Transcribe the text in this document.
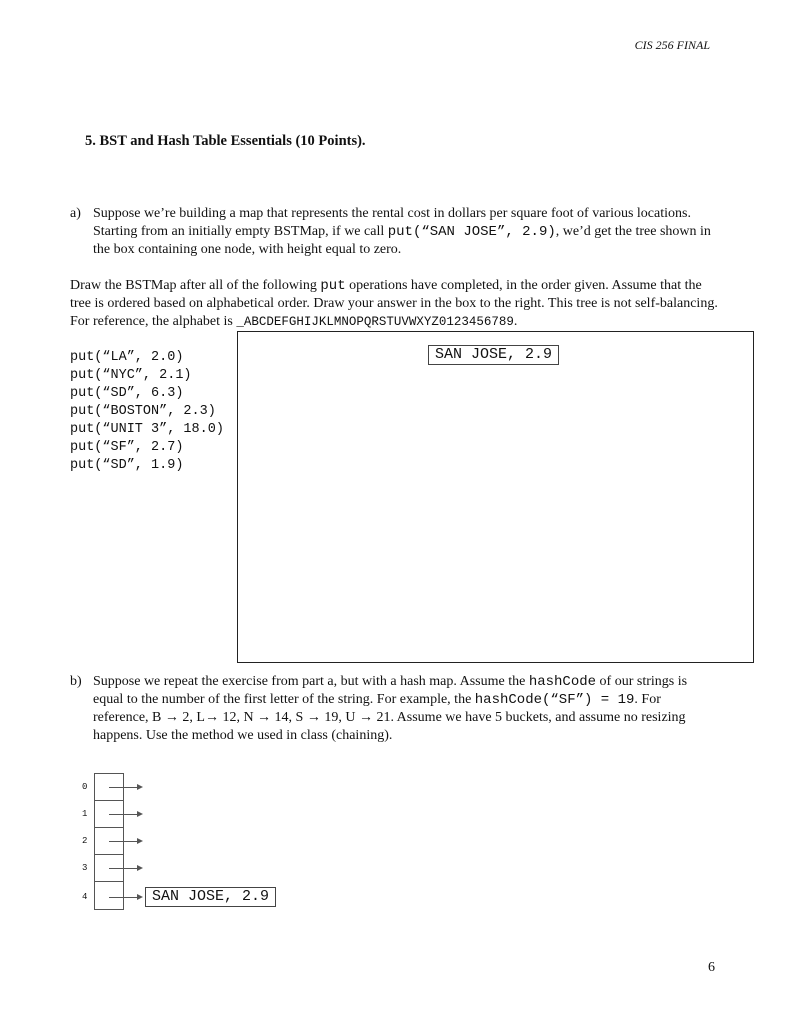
CIS 256 FINAL
5. BST and Hash Table Essentials (10 Points).
a) Suppose we’re building a map that represents the rental cost in dollars per square foot of various locations. Starting from an initially empty BSTMap, if we call put(“SAN JOSE”, 2.9), we’d get the tree shown in the box containing one node, with height equal to zero.
Draw the BSTMap after all of the following put operations have completed, in the order given. Assume that the tree is ordered based on alphabetical order. Draw your answer in the box to the right. This tree is not self-balancing. For reference, the alphabet is _ABCDEFGHIJKLMNOPQRSTUVWXYZ0123456789.
put(“LA”, 2.0)
put(“NYC”, 2.1)
put(“SD”, 6.3)
put(“BOSTON”, 2.3)
put(“UNIT 3”, 18.0)
put(“SF”, 2.7)
put(“SD”, 1.9)
SAN JOSE, 2.9
b) Suppose we repeat the exercise from part a, but with a hash map. Assume the hashCode of our strings is equal to the number of the first letter of the string. For example, the hashCode(“SF”) = 19. For reference, B → 2, L→ 12, N → 14, S → 19, U → 21. Assume we have 5 buckets, and assume no resizing happens. Use the method we used in class (chaining).
0
1
2
3
4	SAN JOSE, 2.9
6
